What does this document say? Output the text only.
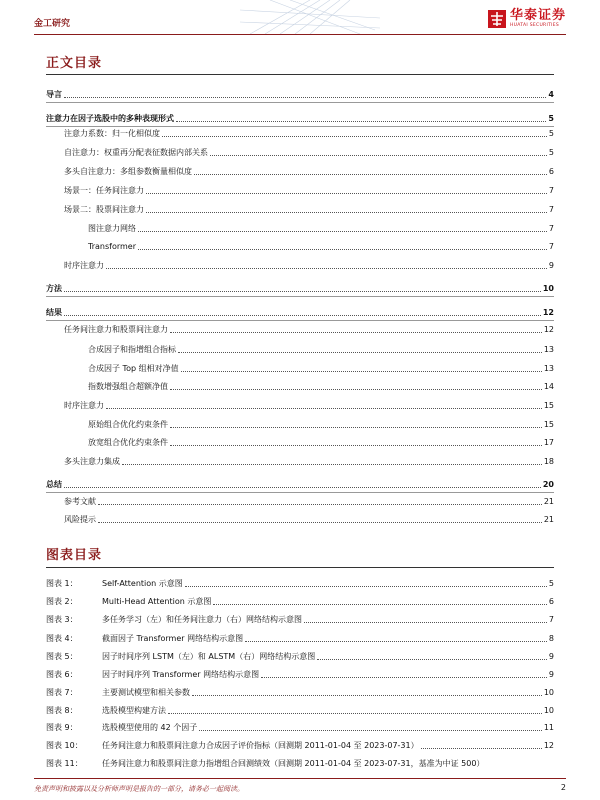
金工研究
华泰证券
HUATAI SECURITIES
正文目录
导言	4
注意力在因子选股中的多种表现形式	5
注意力系数：归一化相似度	5
自注意力：权重再分配表征数据内部关系	5
多头自注意力：多组参数衡量相似度	6
场景一：任务间注意力	7
场景二：股票间注意力	7
图注意力网络	7
Transformer	7
时序注意力	9
方法	10
结果	12
任务间注意力和股票间注意力	12
合成因子和指增组合指标	13
合成因子 Top 组相对净值	13
指数增强组合超额净值	14
时序注意力	15
原始组合优化约束条件	15
放宽组合优化约束条件	17
多头注意力集成	18
总结	20
参考文献	21
风险提示	21
图表目录
图表 1：	Self-Attention 示意图	5
图表 2：	Multi-Head Attention 示意图	6
图表 3：	多任务学习（左）和任务间注意力（右）网络结构示意图	7
图表 4：	截面因子 Transformer 网络结构示意图	8
图表 5：	因子时间序列 LSTM（左）和 ALSTM（右）网络结构示意图	9
图表 6：	因子时间序列 Transformer 网络结构示意图	9
图表 7：	主要测试模型和相关参数	10
图表 8：	选股模型构建方法	10
图表 9：	选股模型使用的 42 个因子	11
图表 10：	任务间注意力和股票间注意力合成因子评价指标（回测期 2011-01-04 至 2023-07-31）	12
图表 11：	任务间注意力和股票间注意力指增组合回测绩效（回测期 2011-01-04 至 2023-07-31，基准为中证 500）
免责声明和披露以及分析师声明是报告的一部分，请务必一起阅读。	2
